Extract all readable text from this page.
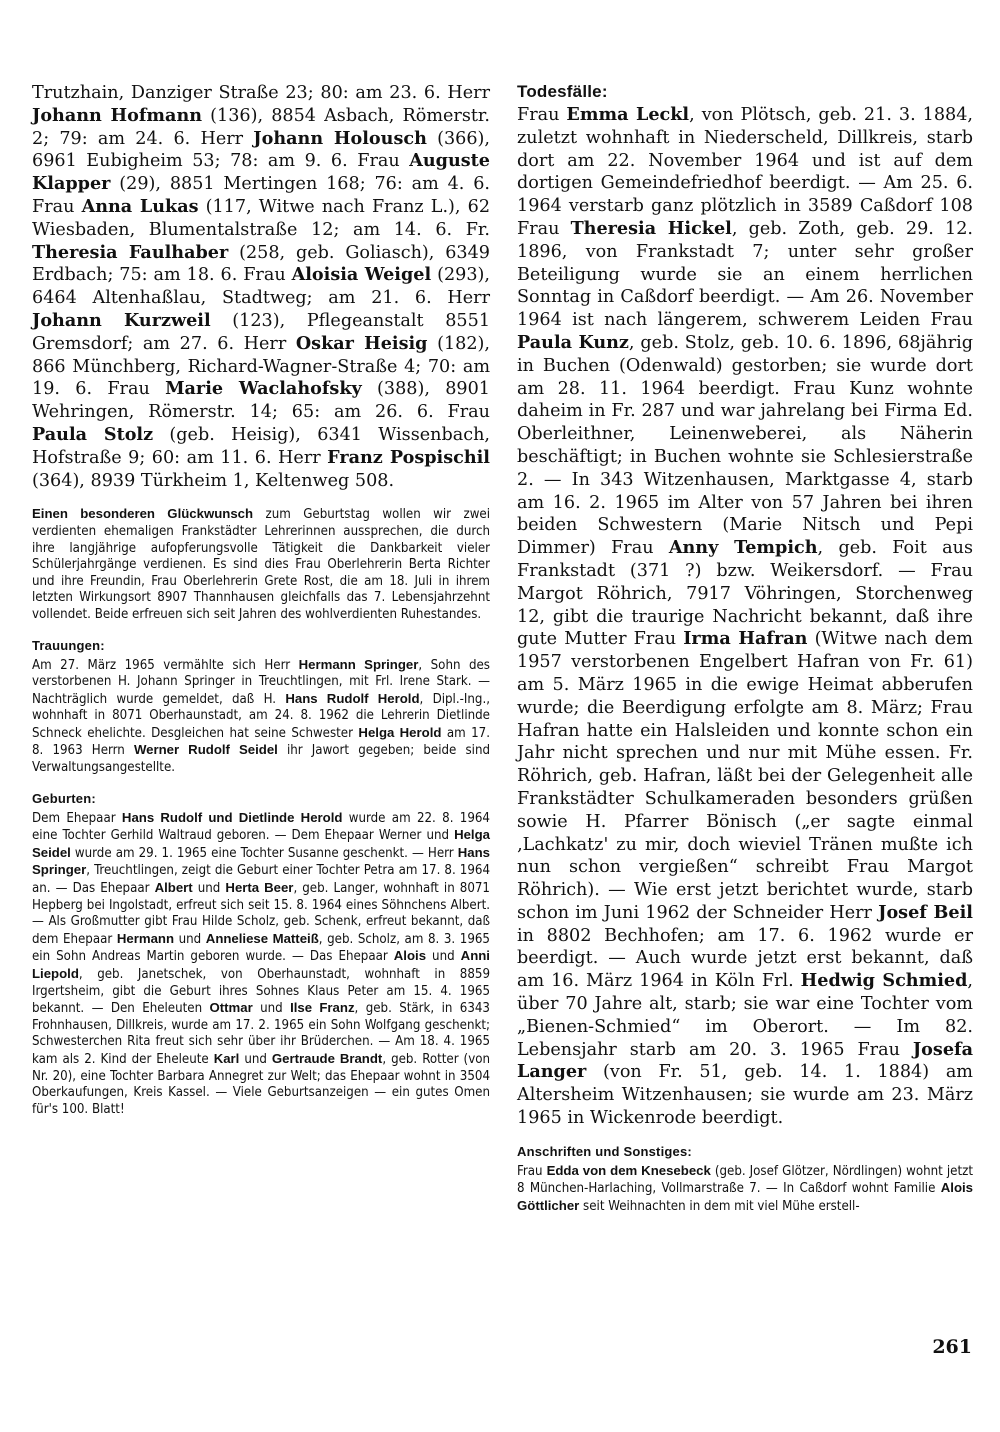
Trutzhain, Danziger Straße 23; 80: am 23. 6. Herr Johann Hofmann (136), 8854 Asbach, Römerstr. 2; 79: am 24. 6. Herr Johann Holousch (366), 6961 Eubigheim 53; 78: am 9. 6. Frau Auguste Klapper (29), 8851 Mertingen 168; 76: am 4. 6. Frau Anna Lukas (117, Witwe nach Franz L.), 62 Wiesbaden, Blumentalstraße 12; am 14. 6. Fr. Theresia Faulhaber (258, geb. Goliasch), 6349 Erdbach; 75: am 18. 6. Frau Aloisia Weigel (293), 6464 Altenhaßlau, Stadtweg; am 21. 6. Herr Johann Kurzweil (123), Pflegeanstalt 8551 Gremsdorf; am 27. 6. Herr Oskar Heisig (182), 866 Münchberg, Richard-Wagner-Straße 4; 70: am 19. 6. Frau Marie Waclahofsky (388), 8901 Wehringen, Römerstr. 14; 65: am 26. 6. Frau Paula Stolz (geb. Heisig), 6341 Wissenbach, Hofstraße 9; 60: am 11. 6. Herr Franz Pospischil (364), 8939 Türkheim 1, Keltenweg 508.

Einen besonderen Glückwunsch zum Geburtstag wollen wir zwei verdienten ehemaligen Frankstädter Lehrerinnen aussprechen, die durch ihre langjährige aufopferungsvolle Tätigkeit die Dankbarkeit vieler Schülerjahrgänge verdienen. Es sind dies Frau Oberlehrerin Berta Richter und ihre Freundin, Frau Oberlehrerin Grete Rost, die am 18. Juli in ihrem letzten Wirkungsort 8907 Thannhausen gleichfalls das 7. Lebensjahrzehnt vollendet. Beide erfreuen sich seit Jahren des wohlverdienten Ruhestandes.

Trauungen:

Am 27. März 1965 vermählte sich Herr Hermann Springer, Sohn des verstorbenen H. Johann Springer in Treuchtlingen, mit Frl. Irene Stark. — Nachträglich wurde gemeldet, daß H. Hans Rudolf Herold, Dipl.-Ing., wohnhaft in 8071 Oberhaunstadt, am 24. 8. 1962 die Lehrerin Dietlinde Schneck ehelichte. Desgleichen hat seine Schwester Helga Herold am 17. 8. 1963 Herrn Werner Rudolf Seidel ihr Jawort gegeben; beide sind Verwaltungsangestellte.

Geburten:

Dem Ehepaar Hans Rudolf und Dietlinde Herold wurde am 22. 8. 1964 eine Tochter Gerhild Waltraud geboren. — Dem Ehepaar Werner und Helga Seidel wurde am 29. 1. 1965 eine Tochter Susanne geschenkt. — Herr Hans Springer, Treuchtlingen, zeigt die Geburt einer Tochter Petra am 17. 8. 1964 an. — Das Ehepaar Albert und Herta Beer, geb. Langer, wohnhaft in 8071 Hepberg bei Ingolstadt, erfreut sich seit 15. 8. 1964 eines Söhnchens Albert. — Als Großmutter gibt Frau Hilde Scholz, geb. Schenk, erfreut bekannt, daß dem Ehepaar Hermann und Anneliese Matteiß, geb. Scholz, am 8. 3. 1965 ein Sohn Andreas Martin geboren wurde. — Das Ehepaar Alois und Anni Liepold, geb. Janetschek, von Oberhaunstadt, wohnhaft in 8859 Irgertsheim, gibt die Geburt ihres Sohnes Klaus Peter am 15. 4. 1965 bekannt. — Den Eheleuten Ottmar und Ilse Franz, geb. Stärk, in 6343 Frohnhausen, Dillkreis, wurde am 17. 2. 1965 ein Sohn Wolfgang geschenkt; Schwesterchen Rita freut sich sehr über ihr Brüderchen. — Am 18. 4. 1965 kam als 2. Kind der Eheleute Karl und Gertraude Brandt, geb. Rotter (von Nr. 20), eine Tochter Barbara Annegret zur Welt; das Ehepaar wohnt in 3504 Oberkaufungen, Kreis Kassel. — Viele Geburtsanzeigen — ein gutes Omen für's 100. Blatt!

Todesfälle:

Frau Emma Leckl, von Plötsch, geb. 21. 3. 1884, zuletzt wohnhaft in Niederscheld, Dillkreis, starb dort am 22. November 1964 und ist auf dem dortigen Gemeindefriedhof beerdigt. — Am 25. 6. 1964 verstarb ganz plötzlich in 3589 Caßdorf 108 Frau Theresia Hickel, geb. Zoth, geb. 29. 12. 1896, von Frankstadt 7; unter sehr großer Beteiligung wurde sie an einem herrlichen Sonntag in Caßdorf beerdigt. — Am 26. November 1964 ist nach längerem, schwerem Leiden Frau Paula Kunz, geb. Stolz, geb. 10. 6. 1896, 68jährig in Buchen (Odenwald) gestorben; sie wurde dort am 28. 11. 1964 beerdigt. Frau Kunz wohnte daheim in Fr. 287 und war jahrelang bei Firma Ed. Oberleithner, Leinenweberei, als Näherin beschäftigt; in Buchen wohnte sie Schlesierstraße 2. — In 343 Witzenhausen, Marktgasse 4, starb am 16. 2. 1965 im Alter von 57 Jahren bei ihren beiden Schwestern (Marie Nitsch und Pepi Dimmer) Frau Anny Tempich, geb. Foit aus Frankstadt (371 ?) bzw. Weikersdorf. — Frau Margot Röhrich, 7917 Vöhringen, Storchenweg 12, gibt die traurige Nachricht bekannt, daß ihre gute Mutter Frau Irma Hafran (Witwe nach dem 1957 verstorbenen Engelbert Hafran von Fr. 61) am 5. März 1965 in die ewige Heimat abberufen wurde; die Beerdigung erfolgte am 8. März; Frau Hafran hatte ein Halsleiden und konnte schon ein Jahr nicht sprechen und nur mit Mühe essen. Fr. Röhrich, geb. Hafran, läßt bei der Gelegenheit alle Frankstädter Schulkameraden besonders grüßen sowie H. Pfarrer Bönisch („er sagte einmal ‚Lachkatz' zu mir, doch wieviel Tränen mußte ich nun schon vergießen“ schreibt Frau Margot Röhrich). — Wie erst jetzt berichtet wurde, starb schon im Juni 1962 der Schneider Herr Josef Beil in 8802 Bechhofen; am 17. 6. 1962 wurde er beerdigt. — Auch wurde jetzt erst bekannt, daß am 16. März 1964 in Köln Frl. Hedwig Schmied, über 70 Jahre alt, starb; sie war eine Tochter vom „Bienen-Schmied“ im Oberort. — Im 82. Lebensjahr starb am 20. 3. 1965 Frau Josefa Langer (von Fr. 51, geb. 14. 1. 1884) am Altersheim Witzenhausen; sie wurde am 23. März 1965 in Wickenrode beerdigt.

Anschriften und Sonstiges:

Frau Edda von dem Knesebeck (geb. Josef Glötzer, Nördlingen) wohnt jetzt 8 München-Harlaching, Vollmarstraße 7. — In Caßdorf wohnt Familie Alois Göttlicher seit Weihnachten in dem mit viel Mühe erstell-

261
